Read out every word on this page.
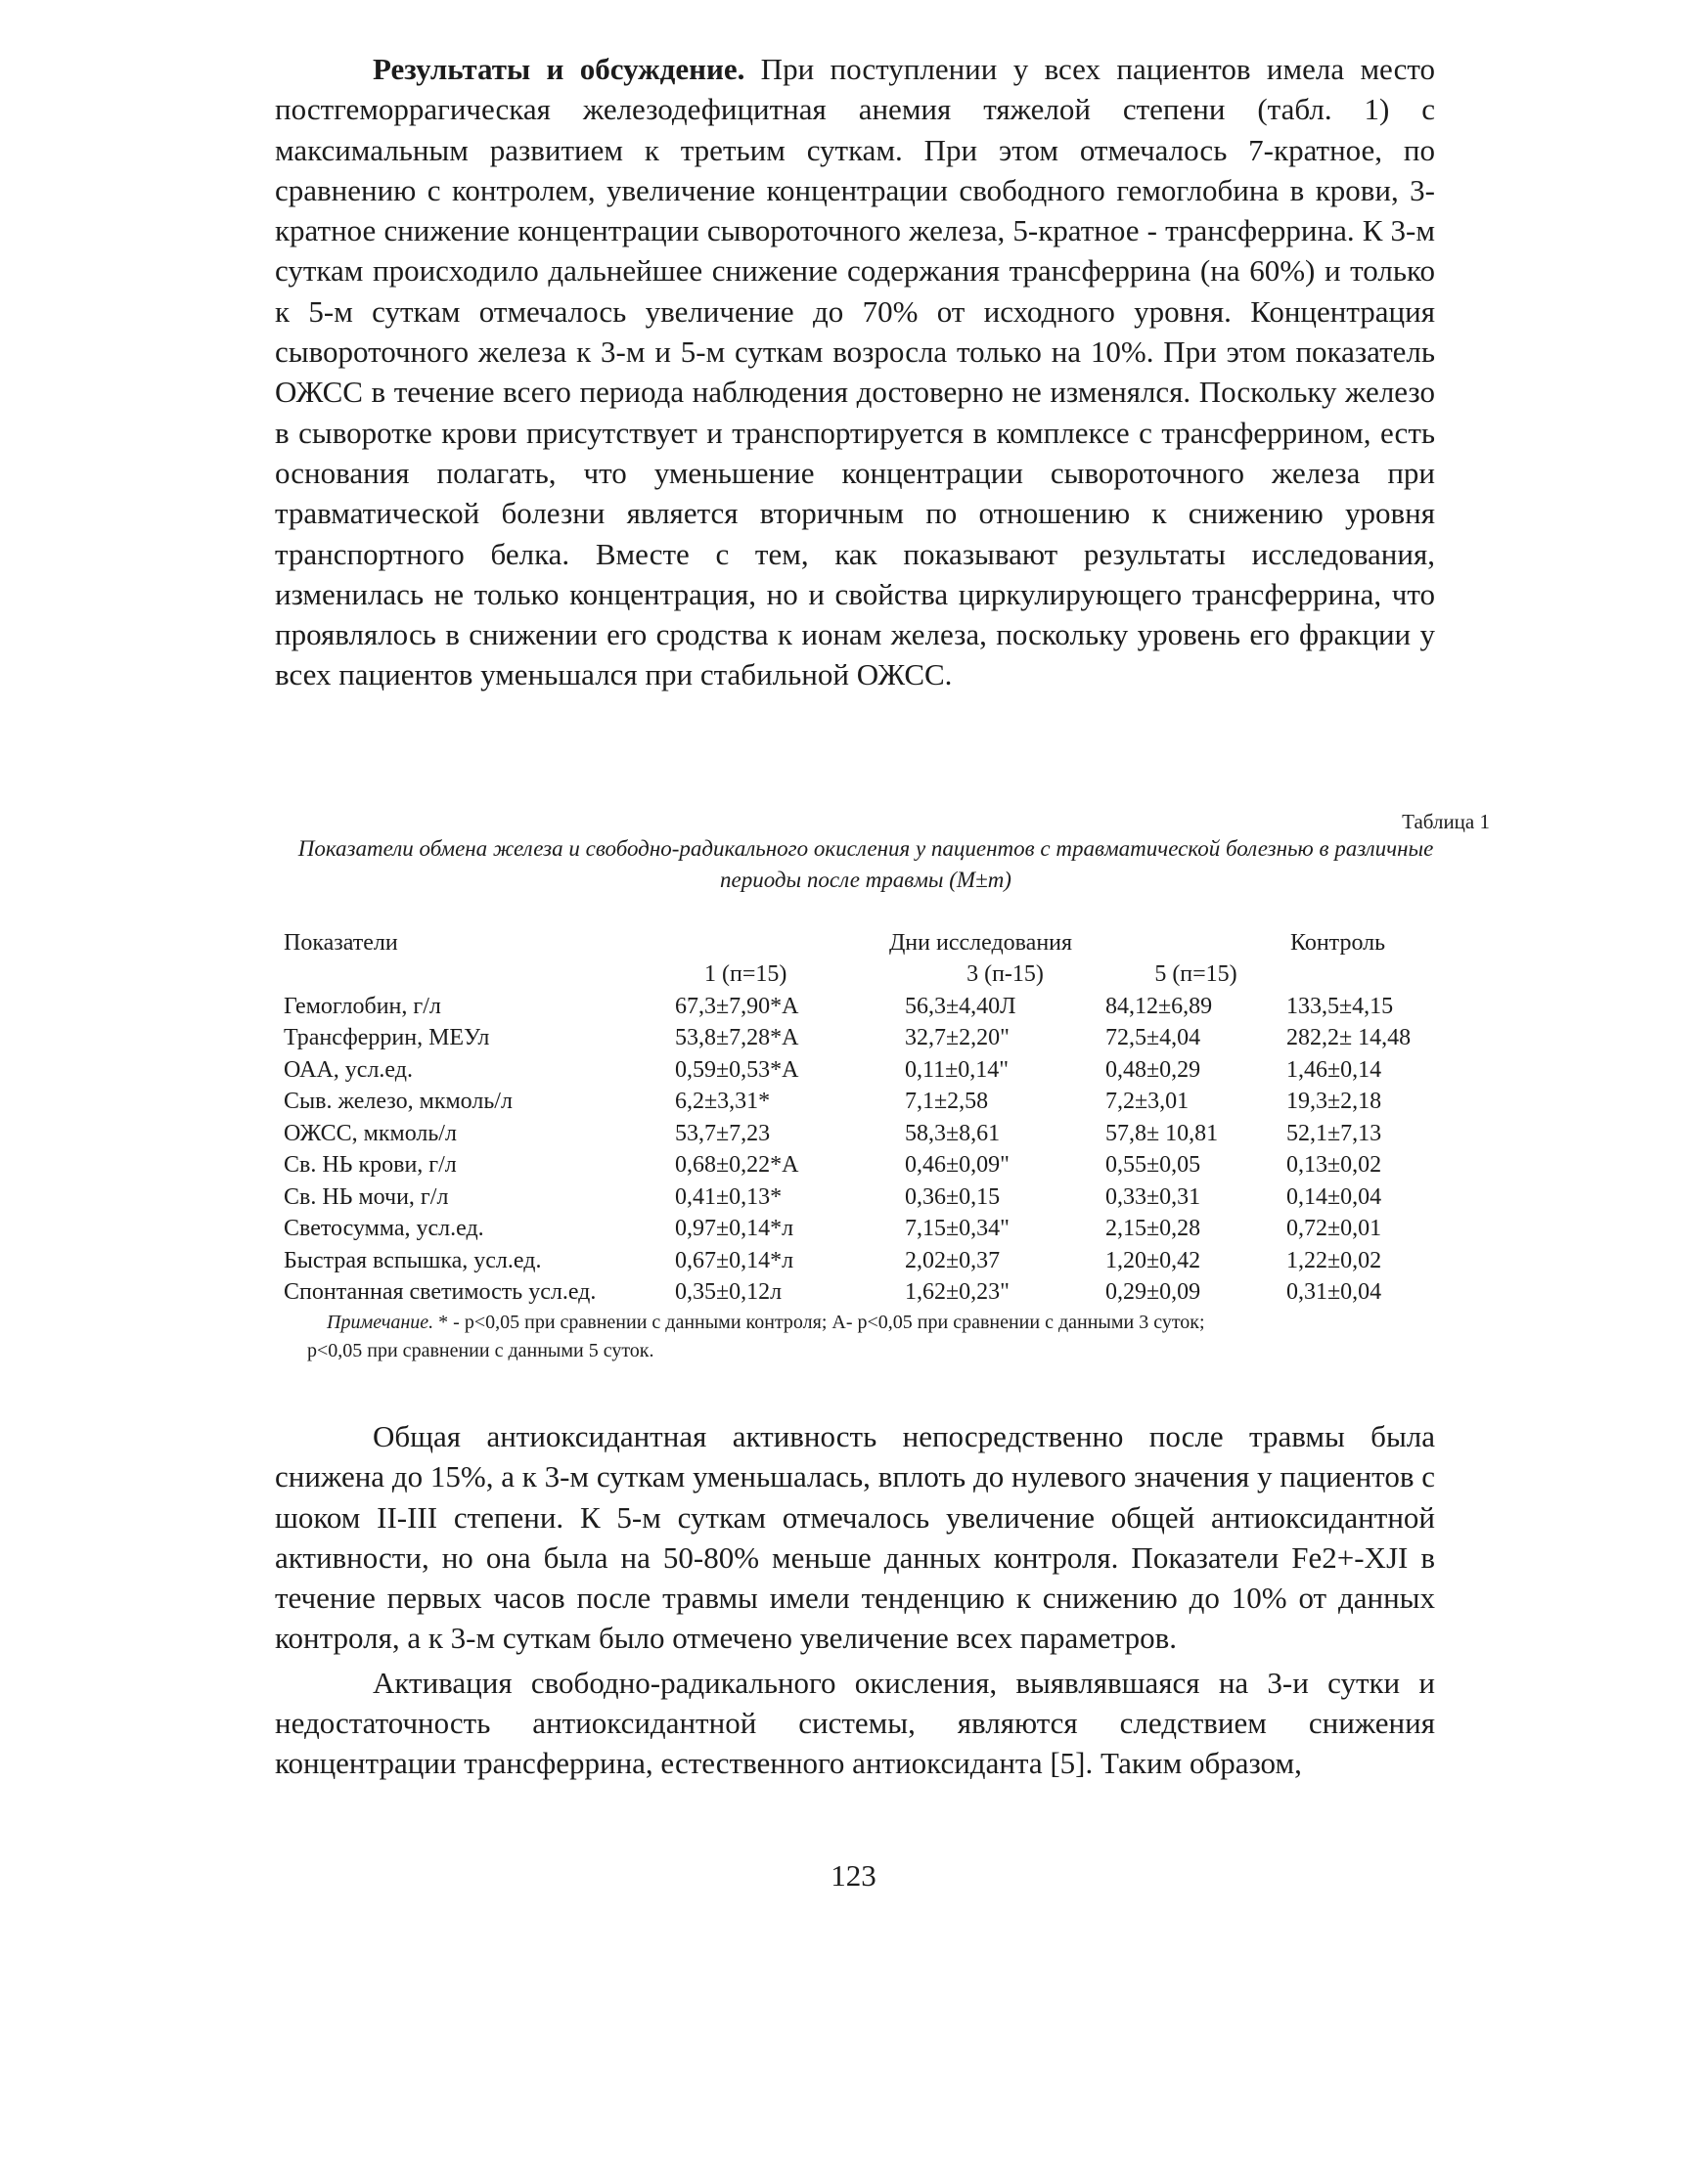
Результаты и обсуждение. При поступлении у всех пациентов имела место постгеморрагическая железодефицитная анемия тяжелой степени (табл. 1) с максимальным развитием к третьим суткам. При этом отмечалось 7-кратное, по сравнению с контролем, увеличение концентрации свободного гемоглобина в крови, 3-кратное снижение концентрации сывороточного железа, 5-кратное - трансферрина. К 3-м суткам происходило дальнейшее снижение содержания трансферрина (на 60%) и только к 5-м суткам отмечалось увеличение до 70% от исходного уровня. Концентрация сывороточного железа к 3-м и 5-м суткам возросла только на 10%. При этом показатель ОЖСС в течение всего периода наблюдения достоверно не изменялся. Поскольку железо в сыворотке крови присутствует и транспортируется в комплексе с трансферрином, есть основания полагать, что уменьшение концентрации сывороточного железа при травматической болезни является вторичным по отношению к снижению уровня транспортного белка. Вместе с тем, как показывают результаты исследования, изменилась не только концентрация, но и свойства циркулирующего трансферрина, что проявлялось в снижении его сродства к ионам железа, поскольку уровень его фракции у всех пациентов уменьшался при стабильной ОЖСС.

Таблица 1
Показатели обмена железа и свободно-радикального окисления у пациентов с травматической болезнью в различные периоды после травмы (М±m)
Показатели	Дни исследования			Контроль
	1 (п=15)	3 (п-15)	5 (п=15)	
Гемоглобин, г/л	67,3±7,90*А	56,3±4,40Л	84,12±6,89	133,5±4,15
Трансферрин, МЕУл	53,8±7,28*А	32,7±2,20"	72,5±4,04	282,2± 14,48
ОАА, усл.ед.	0,59±0,53*А	0,11±0,14"	0,48±0,29	1,46±0,14
Сыв. железо, мкмоль/л	6,2±3,31*	7,1±2,58	7,2±3,01	19,3±2,18
ОЖСС, мкмоль/л	53,7±7,23	58,3±8,61	57,8± 10,81	52,1±7,13
Св. НЬ крови, г/л	0,68±0,22*А	0,46±0,09"	0,55±0,05	0,13±0,02
Св. НЬ мочи, г/л	0,41±0,13*	0,36±0,15	0,33±0,31	0,14±0,04
Светосумма, усл.ед.	0,97±0,14*л	7,15±0,34"	2,15±0,28	0,72±0,01
Быстрая вспышка, усл.ед.	0,67±0,14*л	2,02±0,37	1,20±0,42	1,22±0,02
Спонтанная светимость усл.ед.	0,35±0,12л	1,62±0,23"	0,29±0,09	0,31±0,04
Примечание. * - р<0,05 при сравнении с данными контроля; А- р<0,05 при сравнении с данными 3 суток;
р<0,05 при сравнении с данными 5 суток.

Общая антиоксидантная активность непосредственно после травмы была снижена до 15%, а к 3-м суткам уменьшалась, вплоть до нулевого значения у пациентов с шоком II-III степени. К 5-м суткам отмечалось увеличение общей антиоксидантной активности, но она была на 50-80% меньше данных контроля. Показатели Fe2+-XJI в течение первых часов после травмы имели тенденцию к снижению до 10% от данных контроля, а к 3-м суткам было отмечено увеличение всех параметров.

Активация свободно-радикального окисления, выявлявшаяся на 3-и сутки и недостаточность антиоксидантной системы, являются следствием снижения концентрации трансферрина, естественного антиоксиданта [5]. Таким образом,

123
